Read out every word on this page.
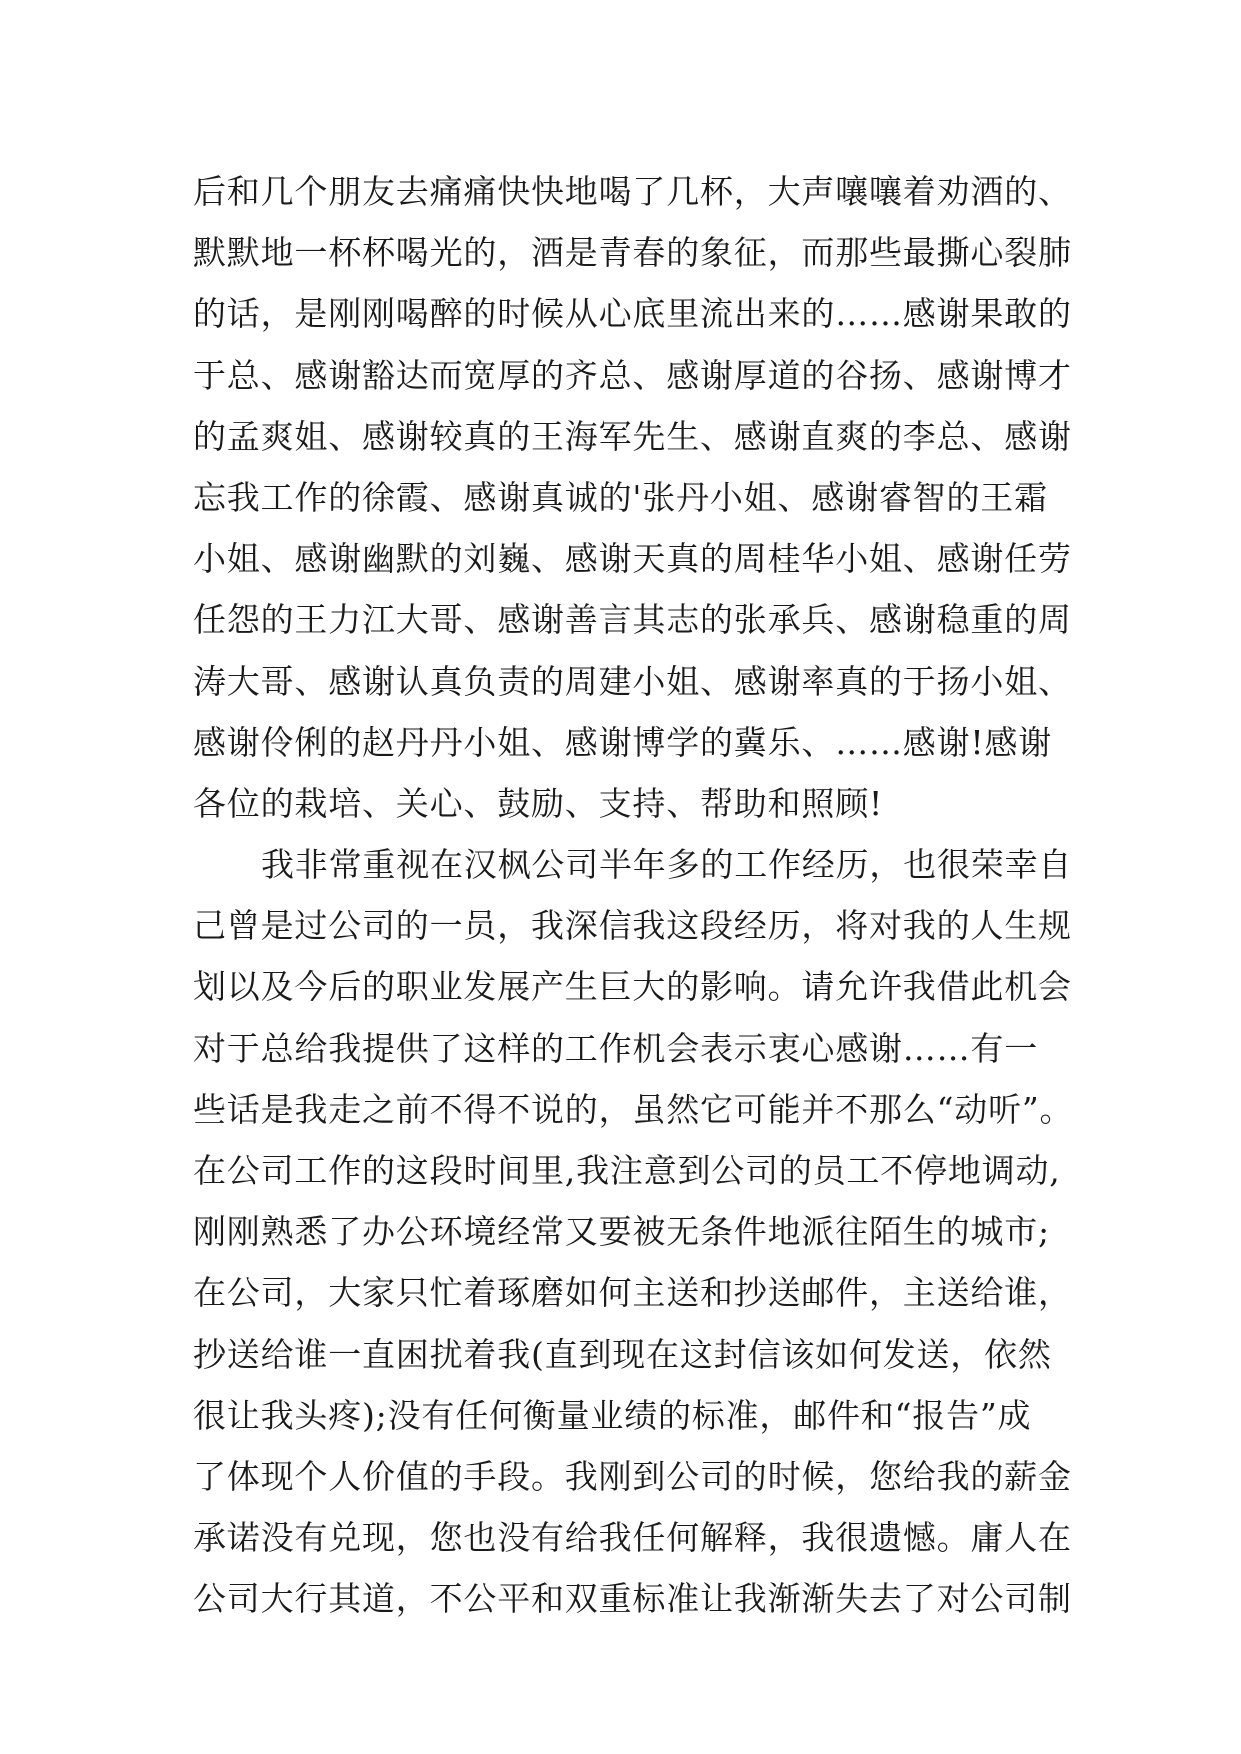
后和几个朋友去痛痛快快地喝了几杯，大声嚷嚷着劝酒的、
默默地一杯杯喝光的，酒是青春的象征，而那些最撕心裂肺
的话，是刚刚喝醉的时候从心底里流出来的……感谢果敢的
于总、感谢豁达而宽厚的齐总、感谢厚道的谷扬、感谢博才
的孟爽姐、感谢较真的王海军先生、感谢直爽的李总、感谢
忘我工作的徐霞、感谢真诚的'张丹小姐、感谢睿智的王霜
小姐、感谢幽默的刘巍、感谢天真的周桂华小姐、感谢任劳
任怨的王力江大哥、感谢善言其志的张承兵、感谢稳重的周
涛大哥、感谢认真负责的周建小姐、感谢率真的于扬小姐、
感谢伶俐的赵丹丹小姐、感谢博学的冀乐、……感谢!感谢
各位的栽培、关心、鼓励、支持、帮助和照顾!
我非常重视在汉枫公司半年多的工作经历，也很荣幸自
己曾是过公司的一员，我深信我这段经历，将对我的人生规
划以及今后的职业发展产生巨大的影响。请允许我借此机会
对于总给我提供了这样的工作机会表示衷心感谢……有一
些话是我走之前不得不说的，虽然它可能并不那么“动听”。
在公司工作的这段时间里,我注意到公司的员工不停地调动,
刚刚熟悉了办公环境经常又要被无条件地派往陌生的城市;
在公司，大家只忙着琢磨如何主送和抄送邮件，主送给谁，
抄送给谁一直困扰着我(直到现在这封信该如何发送，依然
很让我头疼);没有任何衡量业绩的标准，邮件和“报告”成
了体现个人价值的手段。我刚到公司的时候，您给我的薪金
承诺没有兑现，您也没有给我任何解释，我很遗憾。庸人在
公司大行其道，不公平和双重标准让我渐渐失去了对公司制
